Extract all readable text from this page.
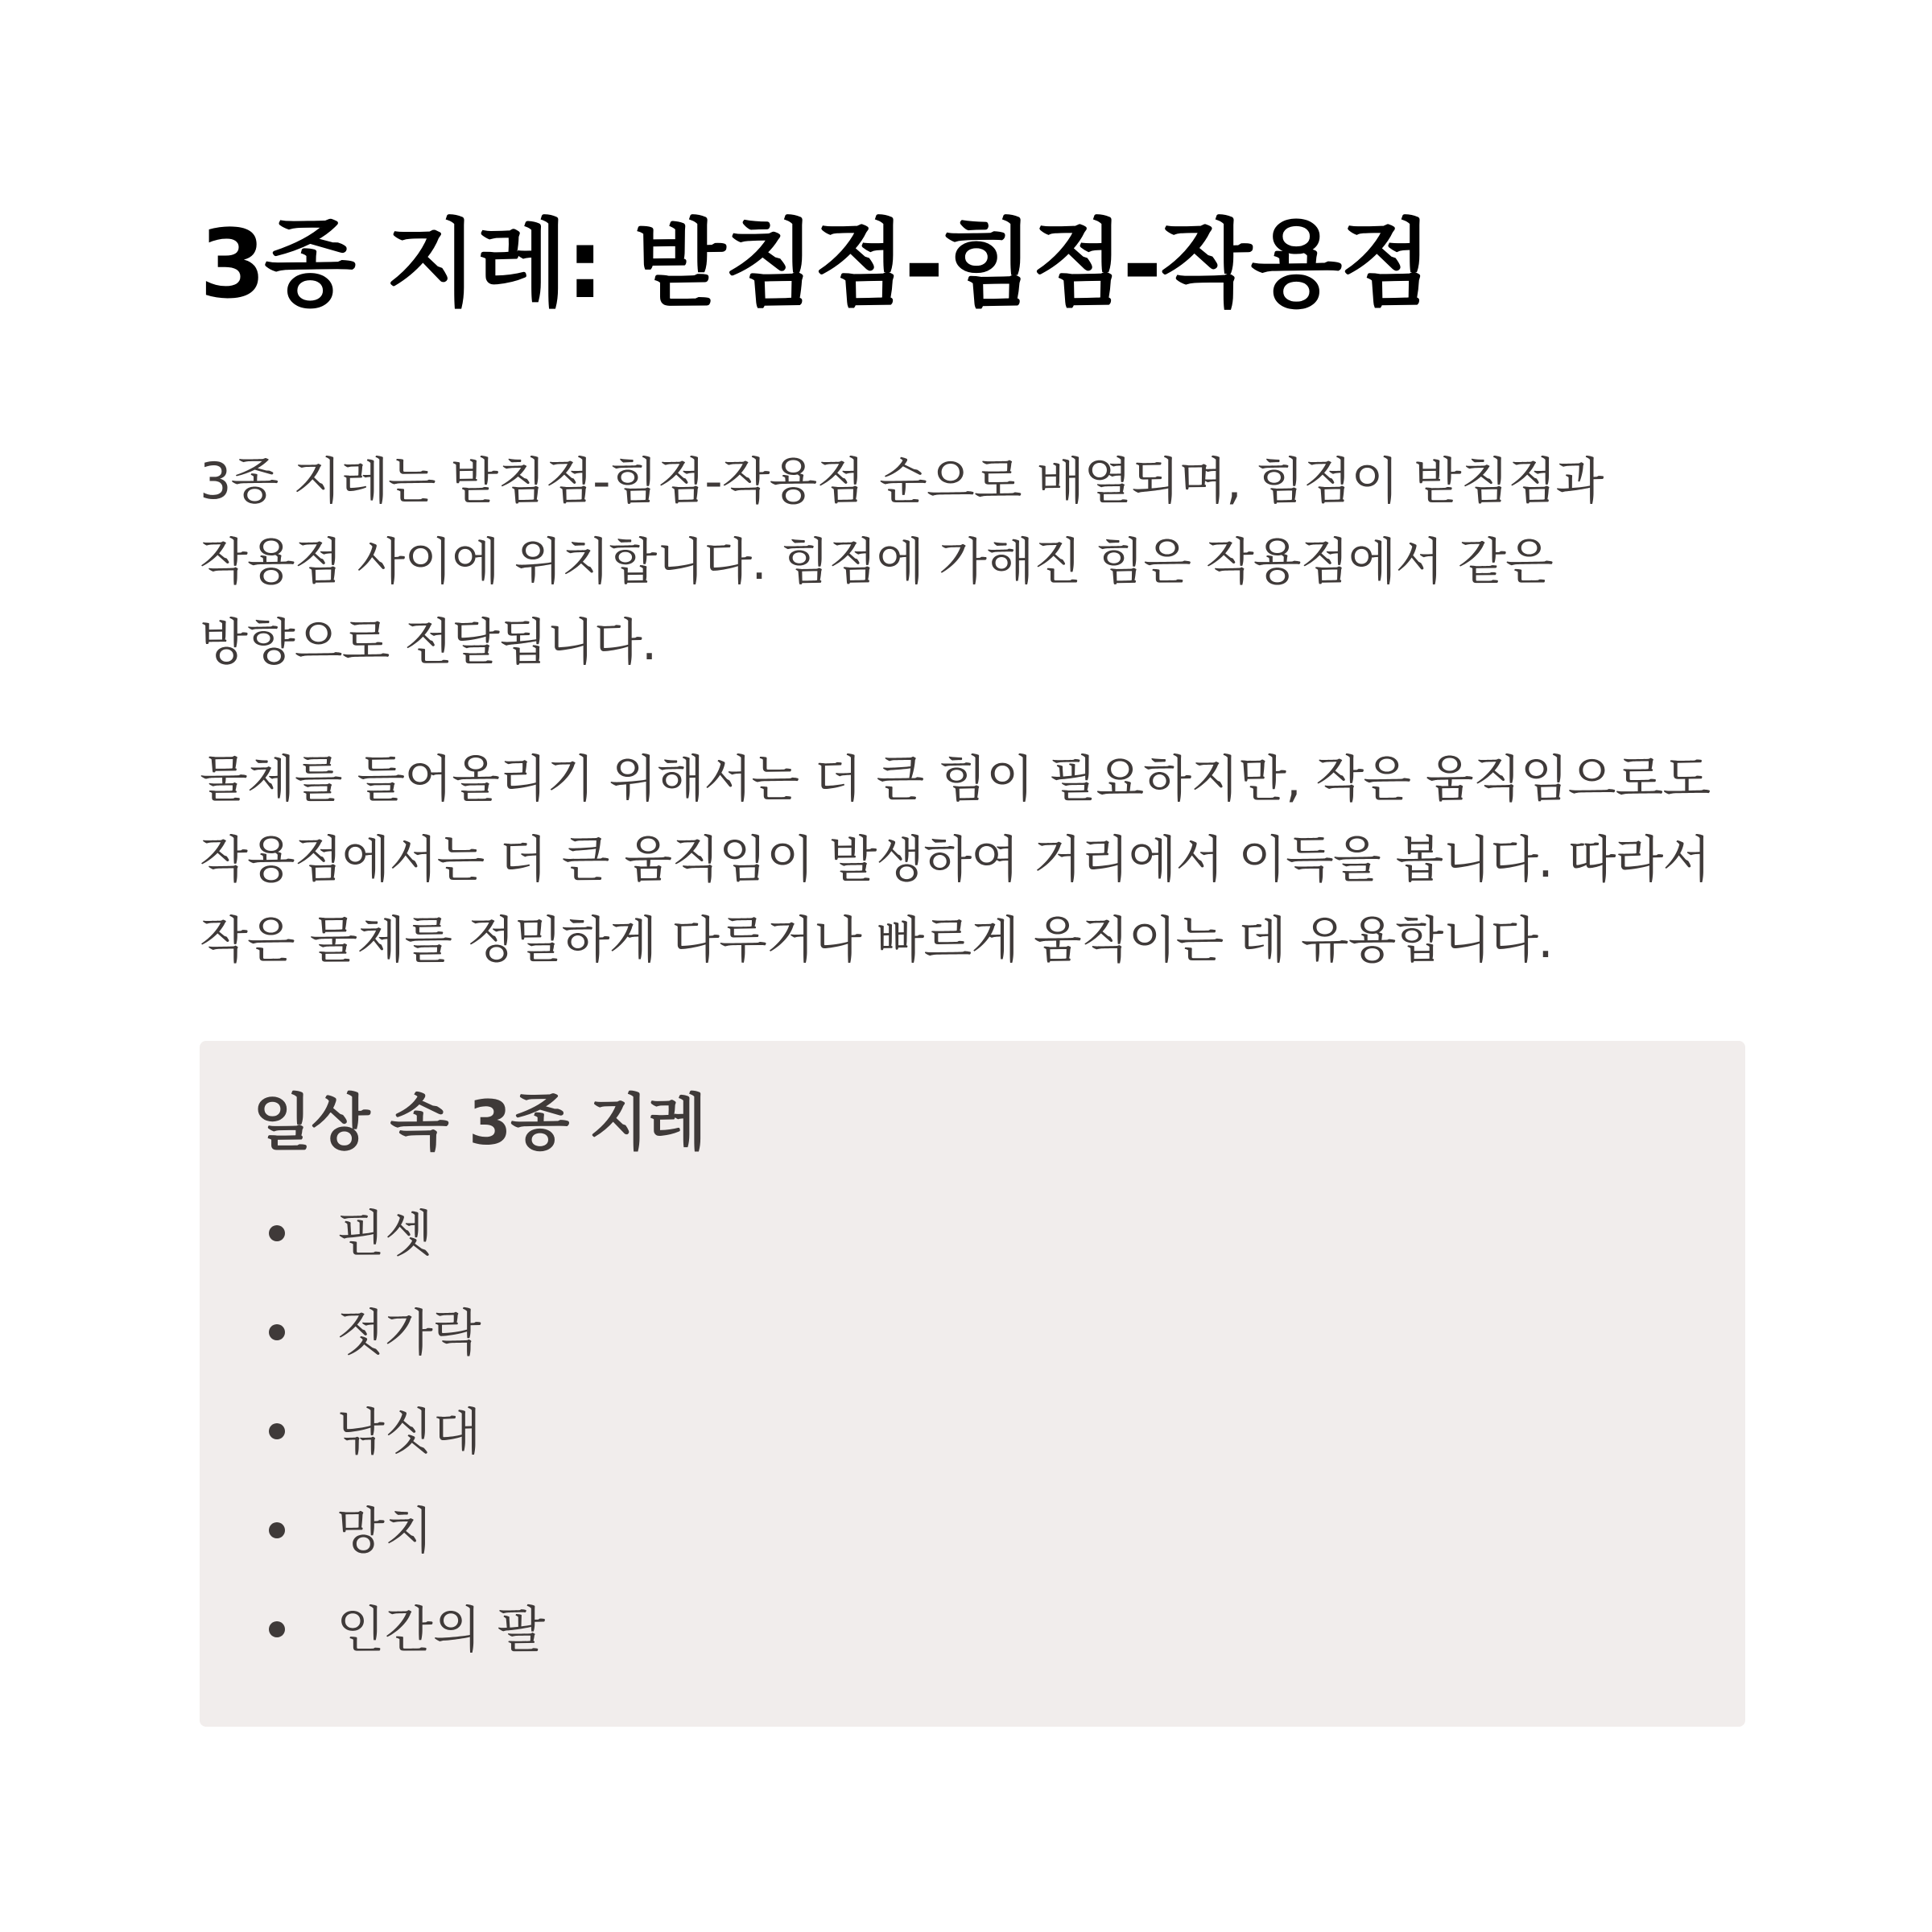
3종 지레: 받침점-힘점-작용점

3종 지레는 받침점-힘점-작용점 순으로 배열되며, 힘점이 받침점과 작용점 사이에 위치합니다. 힘점에 가해진 힘은 작용점에서 같은 방향으로 전달됩니다.

물체를 들어올리기 위해서는 더 큰 힘이 필요하지만, 작은 움직임으로도 작용점에서는 더 큰 움직임이 발생하여 거리에서 이득을 봅니다. 따라서 작은 물체를 정밀하게 다루거나 빠르게 움직이는 데 유용합니다.

일상 속 3종 지레
핀셋
젓가락
낚싯대
망치
인간의 팔
